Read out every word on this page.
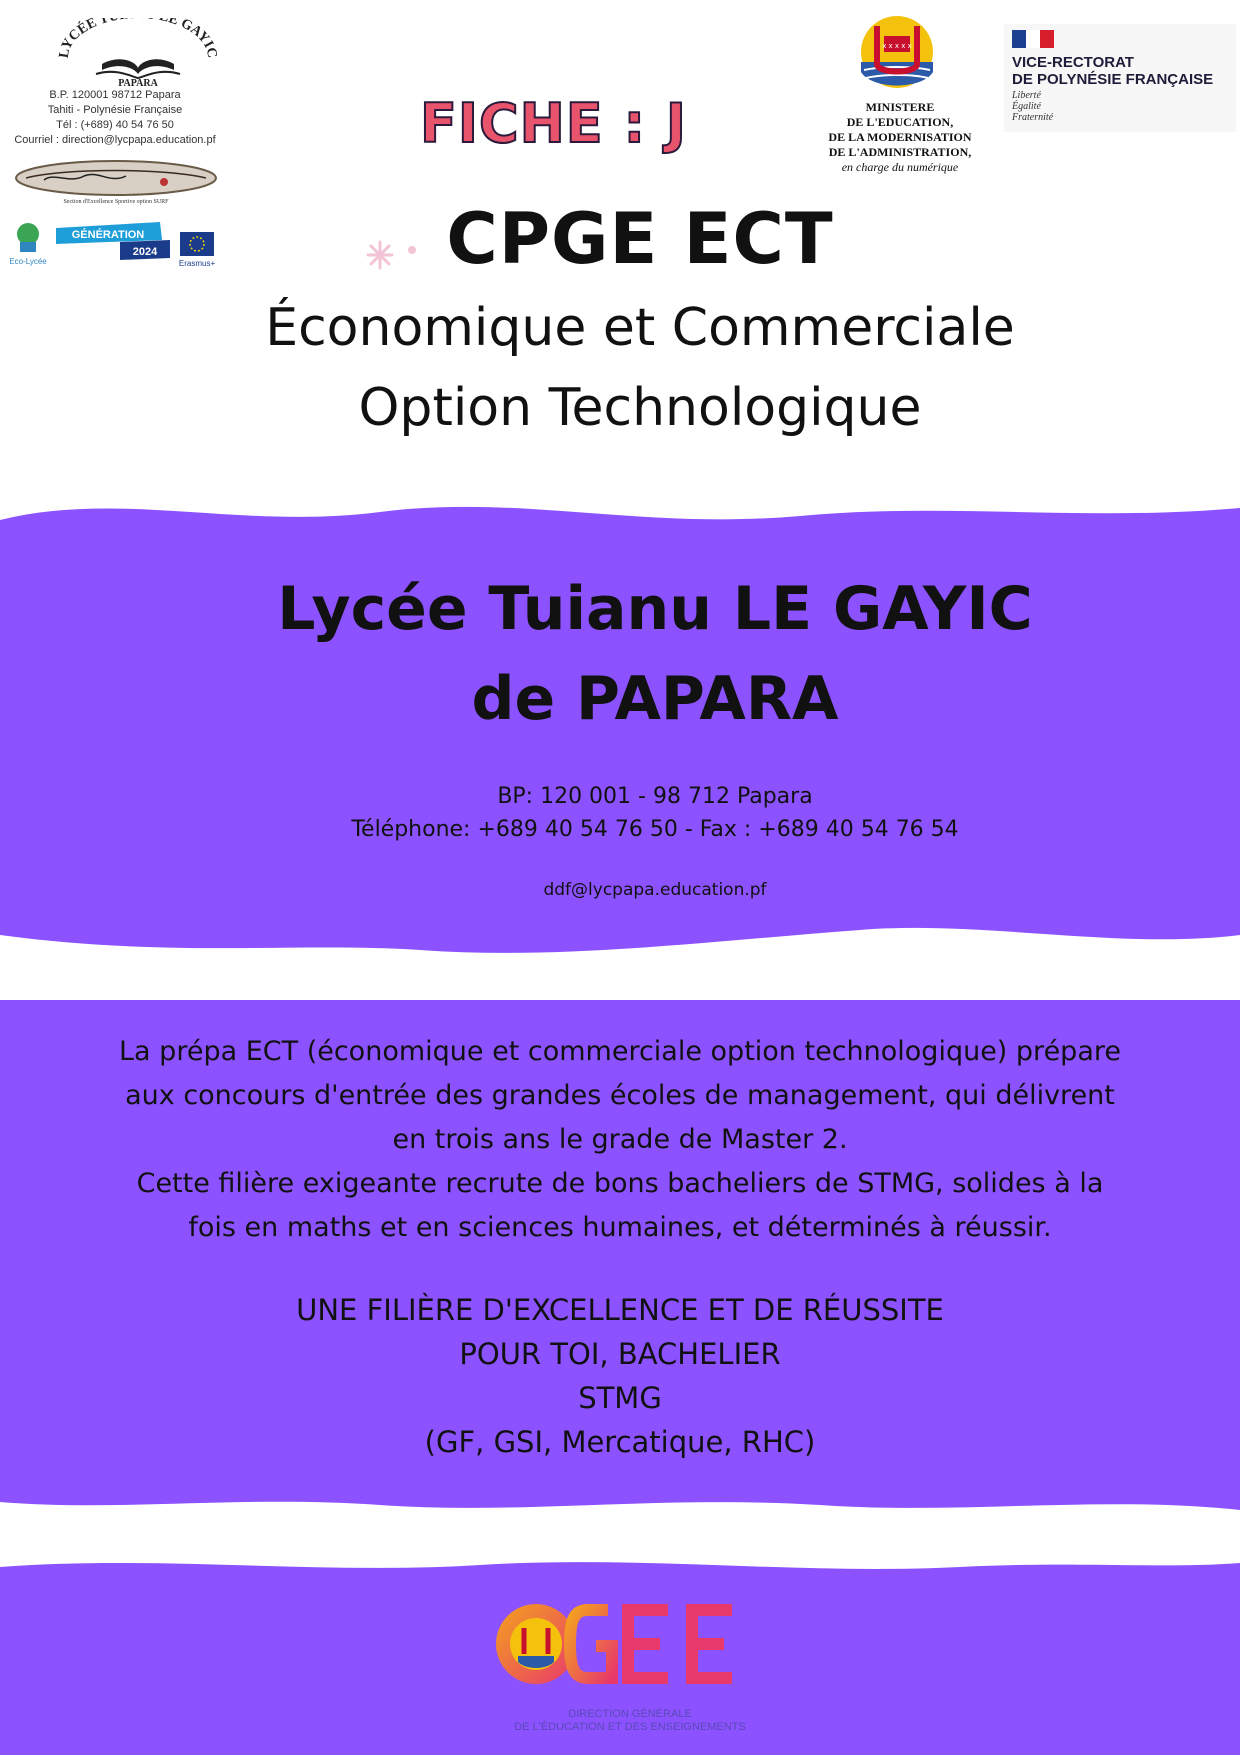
LYCÉE T E GAYIC
PAPARA
B.P. 120001 98712 Papara
Tahiti - Polynésie Française
Tél : (+689) 40 54 76 50
Courriel : direction@lycpapa.education.pf
Section d'Excellence Sportive option SURF
Eco-Lycée
GÉNÉRATION
2024
Erasmus+
FICHE : J
x x x x x
MINISTERE
DE L'EDUCATION,
DE LA MODERNISATION
DE L'ADMINISTRATION,
en charge du numérique
VICE-RECTORAT
DE POLYNÉSIE FRANÇAISE
Liberté
Égalité
Fraternité
CPGE ECT
Économique et Commerciale
Option Technologique
Lycée Tuianu LE GAYIC
de PAPARA
BP: 120 001 - 98 712 Papara
Téléphone: +689 40 54 76 50 - Fax : +689 40 54 76 54
ddf@lycpapa.education.pf
La prépa ECT (économique et commerciale option technologique) prépare
aux concours d'entrée des grandes écoles de management, qui délivrent
en trois ans le grade de Master 2.
Cette filière exigeante recrute de bons bacheliers de STMG, solides à la
fois en maths et en sciences humaines, et déterminés à réussir.
UNE FILIÈRE D'EXCELLENCE ET DE RÉUSSITE
POUR TOI, BACHELIER
STMG
(GF, GSI, Mercatique, RHC)
DIRECTION GÉNÉRALE
DE L'ÉDUCATION ET DES ENSEIGNEMENTS
